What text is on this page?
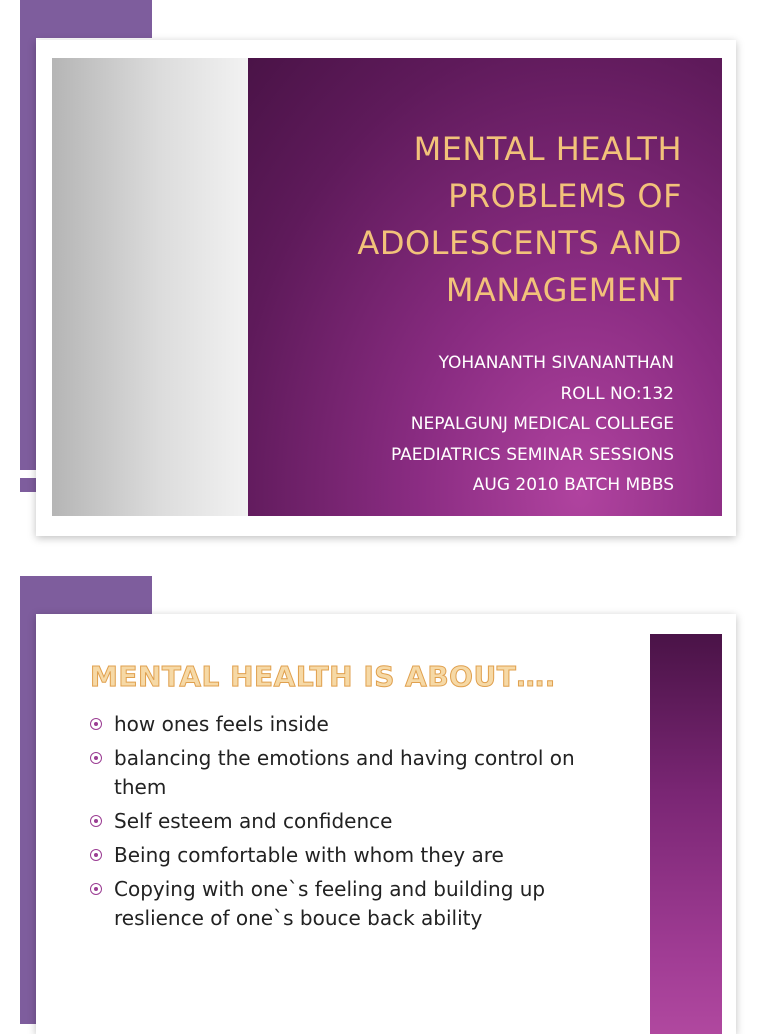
MENTAL HEALTH
PROBLEMS OF
ADOLESCENTS AND
MANAGEMENT
YOHANANTH SIVANANTHAN
ROLL NO:132
NEPALGUNJ MEDICAL COLLEGE
PAEDIATRICS SEMINAR SESSIONS
AUG 2010 BATCH MBBS
MENTAL HEALTH IS ABOUT….
how ones feels inside
balancing the emotions and having control on them
Self esteem and confidence
Being comfortable with whom they are
Copying with one`s feeling and building up reslience of one`s bouce back ability
